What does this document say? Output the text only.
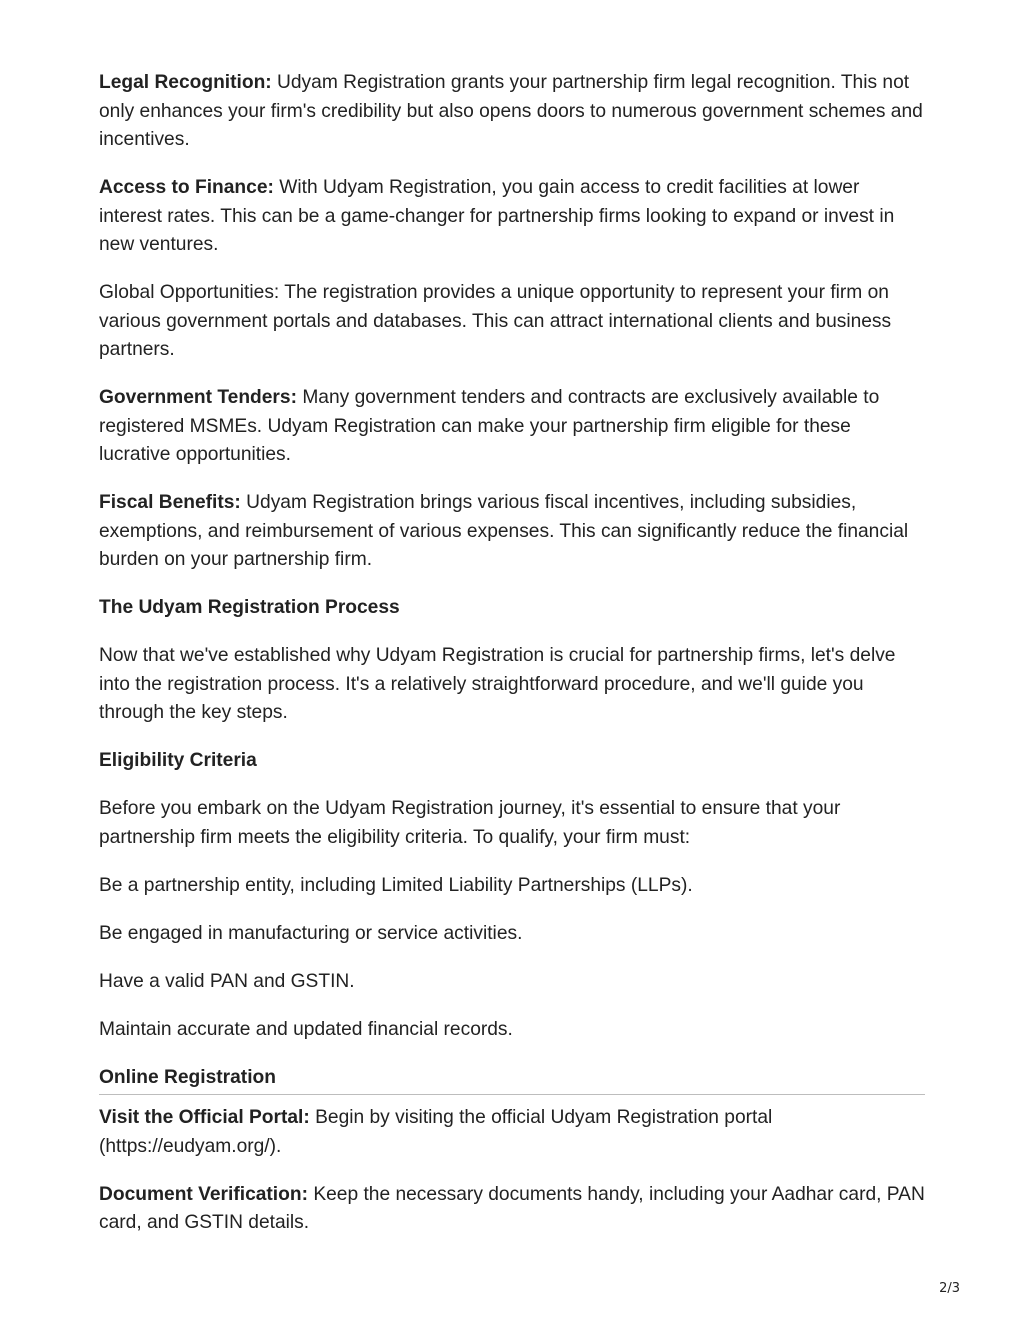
Legal Recognition: Udyam Registration grants your partnership firm legal recognition. This not only enhances your firm's credibility but also opens doors to numerous government schemes and incentives.

Access to Finance: With Udyam Registration, you gain access to credit facilities at lower interest rates. This can be a game-changer for partnership firms looking to expand or invest in new ventures.

Global Opportunities: The registration provides a unique opportunity to represent your firm on various government portals and databases. This can attract international clients and business partners.

Government Tenders: Many government tenders and contracts are exclusively available to registered MSMEs. Udyam Registration can make your partnership firm eligible for these lucrative opportunities.

Fiscal Benefits: Udyam Registration brings various fiscal incentives, including subsidies, exemptions, and reimbursement of various expenses. This can significantly reduce the financial burden on your partnership firm.

The Udyam Registration Process

Now that we've established why Udyam Registration is crucial for partnership firms, let's delve into the registration process. It's a relatively straightforward procedure, and we'll guide you through the key steps.

Eligibility Criteria

Before you embark on the Udyam Registration journey, it's essential to ensure that your partnership firm meets the eligibility criteria. To qualify, your firm must:

Be a partnership entity, including Limited Liability Partnerships (LLPs).

Be engaged in manufacturing or service activities.

Have a valid PAN and GSTIN.

Maintain accurate and updated financial records.

Online Registration

Visit the Official Portal: Begin by visiting the official Udyam Registration portal (https://eudyam.org/).

Document Verification: Keep the necessary documents handy, including your Aadhar card, PAN card, and GSTIN details.

2/3
